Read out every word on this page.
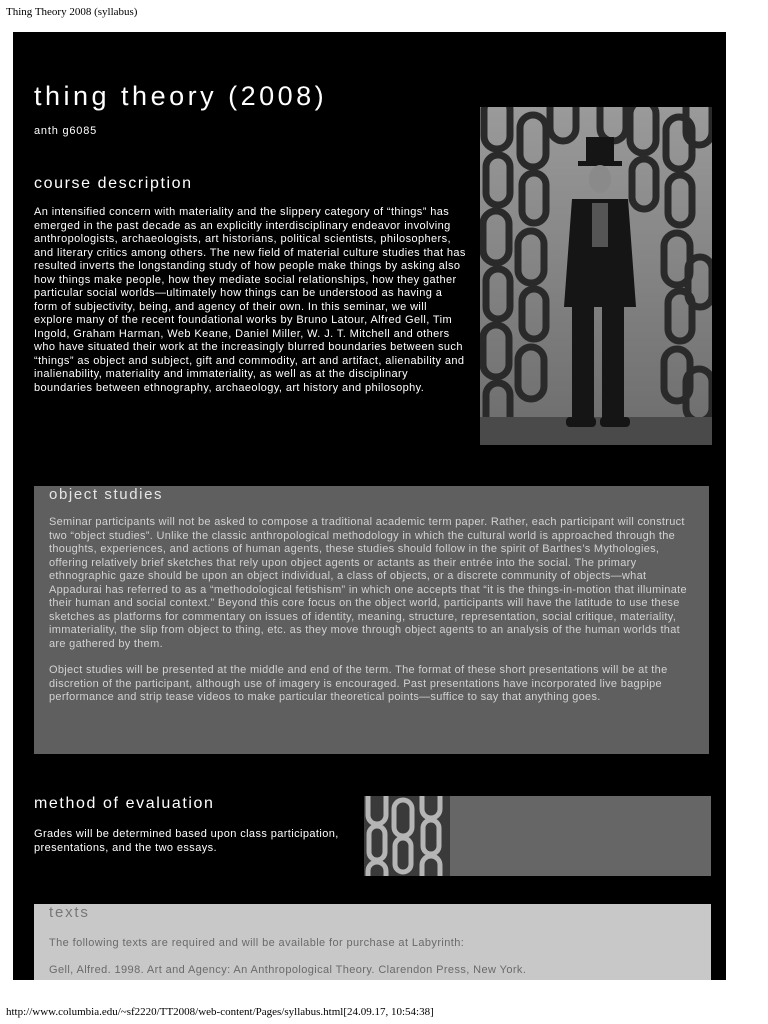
Thing Theory 2008 (syllabus)
thing theory (2008)
anth g6085
course description

An intensified concern with materiality and the slippery category of “things” has emerged in the past decade as an explicitly interdisciplinary endeavor involving anthropologists, archaeologists, art historians, political scientists, philosophers, and literary critics among others. The new field of material culture studies that has resulted inverts the longstanding study of how people make things by asking also how things make people, how they mediate social relationships, how they gather particular social worlds—ultimately how things can be understood as having a form of subjectivity, being, and agency of their own. In this seminar, we will explore many of the recent foundational works by Bruno Latour, Alfred Gell, Tim Ingold, Graham Harman, Web Keane, Daniel Miller, W. J. T. Mitchell and others who have situated their work at the increasingly blurred boundaries between such “things” as object and subject, gift and commodity, art and artifact, alienability and inalienability, materiality and immateriality, as well as at the disciplinary boundaries between ethnography, archaeology, art history and philosophy.

object studies

Seminar participants will not be asked to compose a traditional academic term paper. Rather, each participant will construct two “object studies”. Unlike the classic anthropological methodology in which the cultural world is approached through the thoughts, experiences, and actions of human agents, these studies should follow in the spirit of Barthes’s Mythologies, offering relatively brief sketches that rely upon object agents or actants as their entrée into the social. The primary ethnographic gaze should be upon an object individual, a class of objects, or a discrete community of objects—what Appadurai has referred to as a “methodological fetishism” in which one accepts that “it is the things-in-motion that illuminate their human and social context.” Beyond this core focus on the object world, participants will have the latitude to use these sketches as platforms for commentary on issues of identity, meaning, structure, representation, social critique, materiality, immateriality, the slip from object to thing, etc. as they move through object agents to an analysis of the human worlds that are gathered by them.

Object studies will be presented at the middle and end of the term. The format of these short presentations will be at the discretion of the participant, although use of imagery is encouraged. Past presentations have incorporated live bagpipe performance and strip tease videos to make particular theoretical points—suffice to say that anything goes.

method of evaluation

Grades will be determined based upon class participation, presentations, and the two essays.

texts

The following texts are required and will be available for purchase at Labyrinth:

Gell, Alfred. 1998. Art and Agency: An Anthropological Theory. Clarendon Press, New York.

http://www.columbia.edu/~sf2220/TT2008/web-content/Pages/syllabus.html[24.09.17, 10:54:38]
